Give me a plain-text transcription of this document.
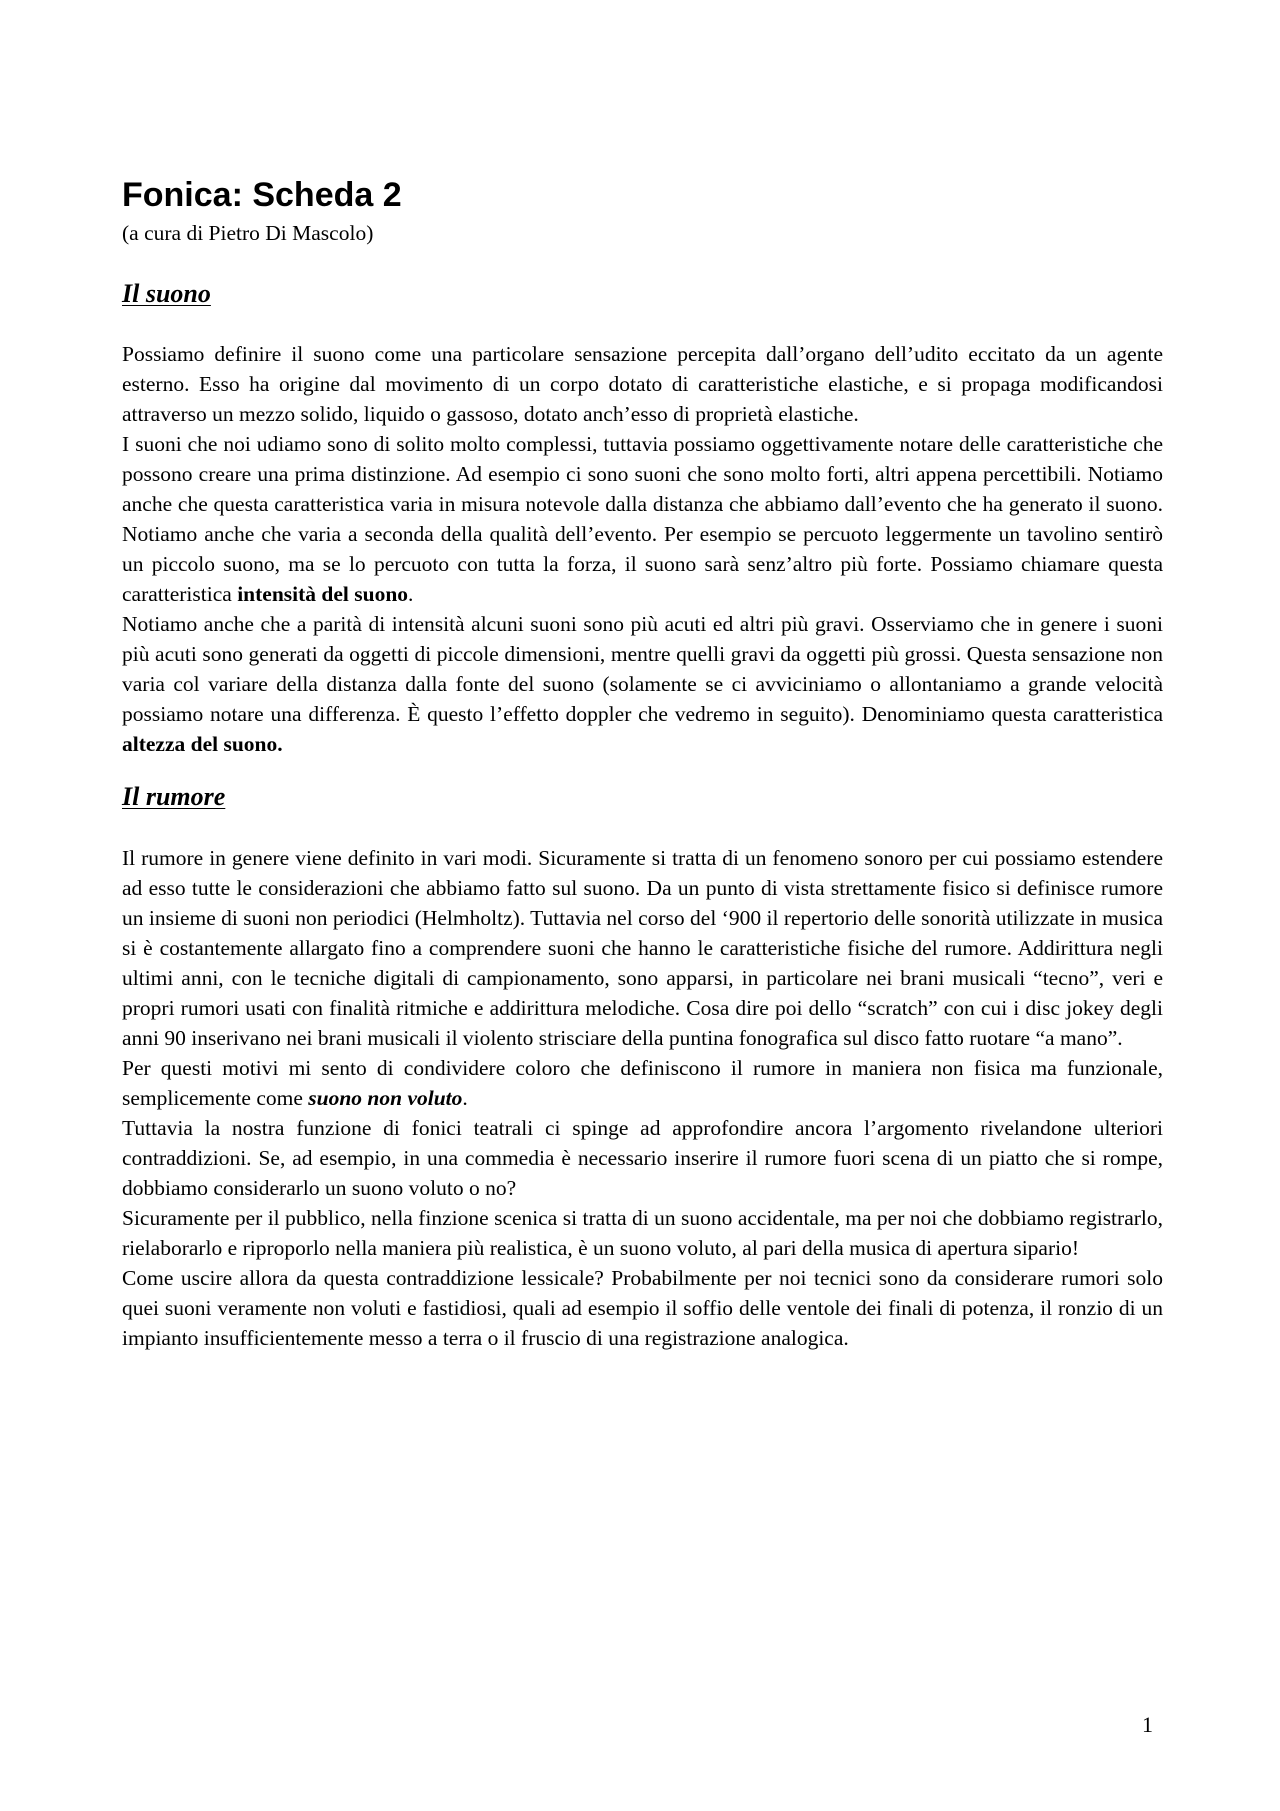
Fonica: Scheda 2
(a cura di Pietro Di Mascolo)
Il suono

Possiamo definire il suono come una particolare sensazione percepita dall’organo dell’udito eccitato da un agente esterno. Esso ha origine dal movimento di un corpo dotato di caratteristiche elastiche, e si propaga modificandosi attraverso un mezzo solido, liquido o gassoso, dotato anch’esso di proprietà elastiche.

I suoni che noi udiamo sono di solito molto complessi, tuttavia possiamo oggettivamente notare delle caratteristiche che possono creare una prima distinzione. Ad esempio ci sono suoni che sono molto forti, altri appena percettibili. Notiamo anche che questa caratteristica varia in misura notevole dalla distanza che abbiamo dall’evento che ha generato il suono. Notiamo anche che varia a seconda della qualità dell’evento. Per esempio se percuoto leggermente un tavolino sentirò un piccolo suono, ma se lo percuoto con tutta la forza, il suono sarà senz’altro più forte. Possiamo chiamare questa caratteristica intensità del suono.

Notiamo anche che a parità di intensità alcuni suoni sono più acuti ed altri più gravi. Osserviamo che in genere i suoni più acuti sono generati da oggetti di piccole dimensioni, mentre quelli gravi da oggetti più grossi. Questa sensazione non varia col variare della distanza dalla fonte del suono (solamente se ci avviciniamo o allontaniamo a grande velocità possiamo notare una differenza. È questo l’effetto doppler che vedremo in seguito). Denominiamo questa caratteristica altezza del suono.

Il rumore

Il rumore in genere viene definito in vari modi. Sicuramente si tratta di un fenomeno sonoro per cui possiamo estendere ad esso tutte le considerazioni che abbiamo fatto sul suono. Da un punto di vista strettamente fisico si definisce rumore un insieme di suoni non periodici (Helmholtz). Tuttavia nel corso del ‘900 il repertorio delle sonorità utilizzate in musica si è costantemente allargato fino a comprendere suoni che hanno le caratteristiche fisiche del rumore. Addirittura negli ultimi anni, con le tecniche digitali di campionamento, sono apparsi, in particolare nei brani musicali “tecno”, veri e propri rumori usati con finalità ritmiche e addirittura melodiche. Cosa dire poi dello “scratch” con cui i disc jokey degli anni 90 inserivano nei brani musicali il violento strisciare della puntina fonografica sul disco fatto ruotare “a mano”.

Per questi motivi mi sento di condividere coloro che definiscono il rumore in maniera non fisica ma funzionale, semplicemente come suono non voluto.

Tuttavia la nostra funzione di fonici teatrali ci spinge ad approfondire ancora l’argomento rivelandone ulteriori contraddizioni. Se, ad esempio, in una commedia è necessario inserire il rumore fuori scena di un piatto che si rompe, dobbiamo considerarlo un suono voluto o no?

Sicuramente per il pubblico, nella finzione scenica si tratta di un suono accidentale, ma per noi che dobbiamo registrarlo, rielaborarlo e riproporlo nella maniera più realistica, è un suono voluto, al pari della musica di apertura sipario!

Come uscire allora da questa contraddizione lessicale? Probabilmente per noi tecnici sono da considerare rumori solo quei suoni veramente non voluti e fastidiosi, quali ad esempio il soffio delle ventole dei finali di potenza, il ronzio di un impianto insufficientemente messo a terra o il fruscio di una registrazione analogica.

1
